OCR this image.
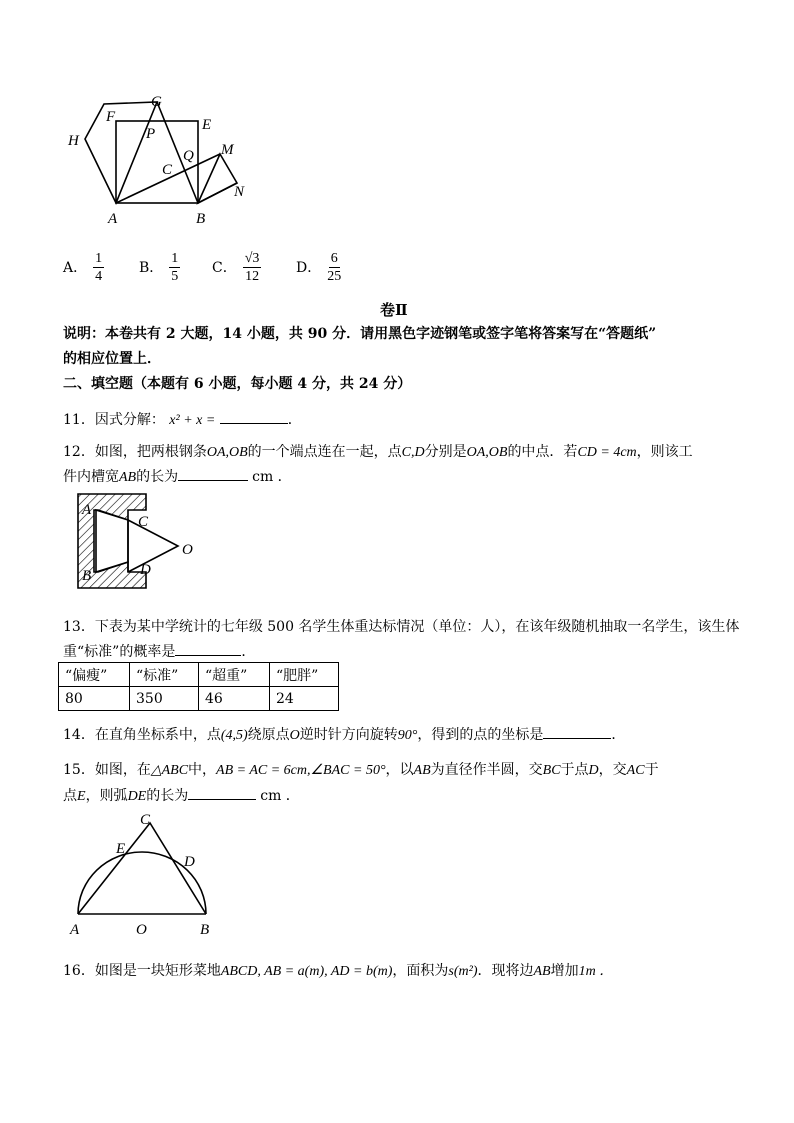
H
F
G
P
E
M
Q
C
N
A	B
A． $\frac{1}{4}$ B． $\frac{1}{5}$ C． $\frac{√3}{12}$ D． $\frac{6}{25}$
卷Ⅱ
说明：本卷共有 2 大题，14 小题，共 90 分．请用黑色字迹钢笔或签字笔将答案写在“答题纸”
的相应位置上．
二、填空题（本题有 6 小题，每小题 4 分，共 24 分）
11．因式分解： x² + x =	．
12．如图，把两根钢条OA,OB的一个端点连在一起，点C,D分别是OA,OB的中点．若CD = 4cm，则该工
件内槽宽AB的长为	cm ．
A
C
O
B	D
13．下表为某中学统计的七年级 500 名学生体重达标情况（单位：人），在该年级随机抽取一名学生，该生体
重“标准”的概率是	．
“偏瘦”	“标准”	“超重”	“肥胖”
80	350	46	24
14．在直角坐标系中，点(4,5)绕原点O逆时针方向旋转90°，得到的点的坐标是	．
15．如图，在△ABC中，AB = AC = 6cm,∠BAC = 50°，以AB为直径作半圆，交BC于点D，交AC于
点E，则弧DE的长为	cm ．
C
E
D
A	O	B
16．如图是一块矩形菜地ABCD, AB = a(m), AD = b(m)，面积为s(m²)．现将边AB增加1m ．
